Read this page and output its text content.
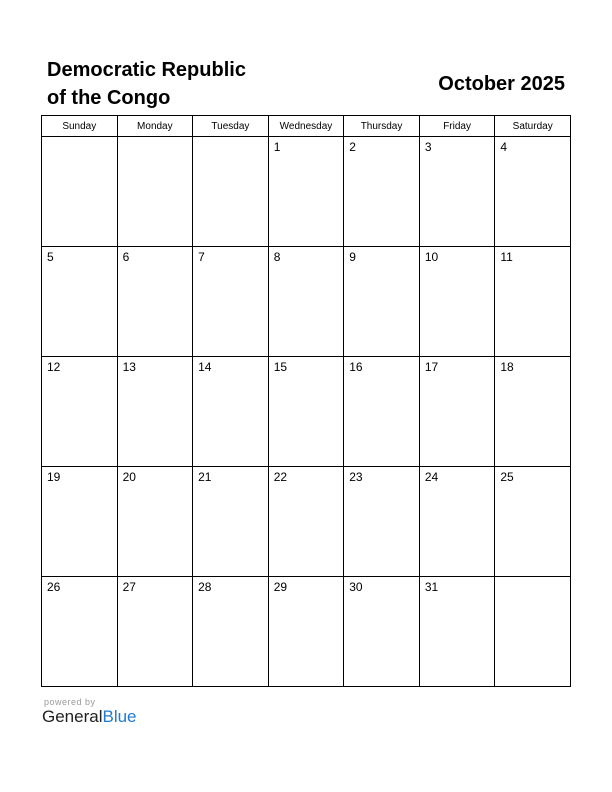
Democratic Republic
of the Congo
October 2025
Sunday	Monday	Tuesday	Wednesday	Thursday	Friday	Saturday

			1	2	3	4

5	6	7	8	9	10	11

12	13	14	15	16	17	18

19	20	21	22	23	24	25

26	27	28	29	30	31	

powered by
GeneralBlue
